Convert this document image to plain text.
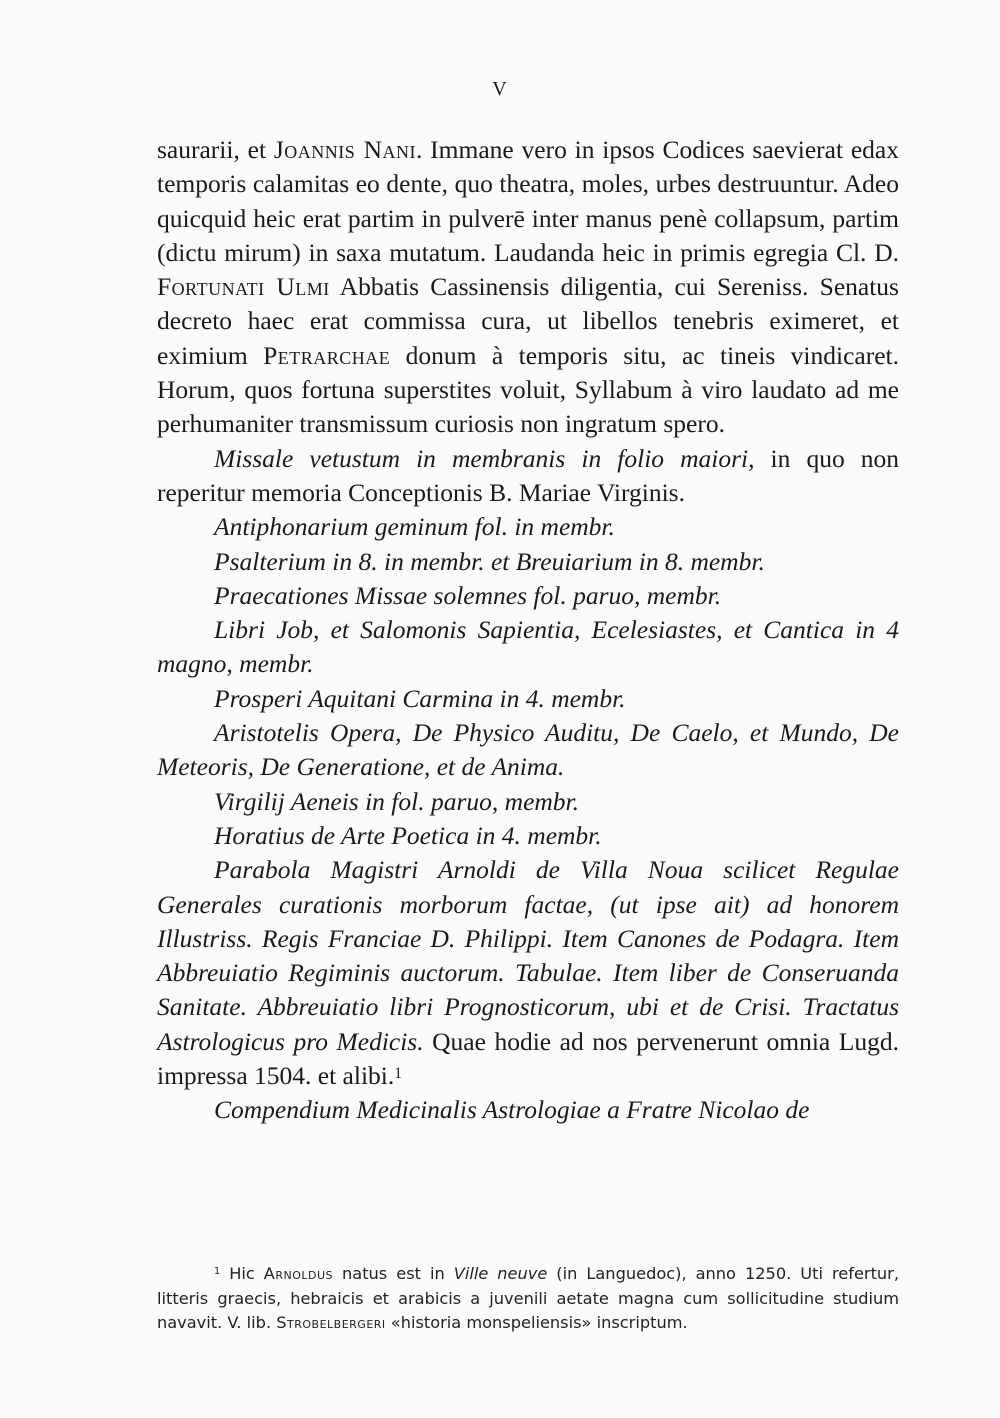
V

saurarii, et Joannis Nani. Immane vero in ipsos Codices saevierat edax temporis calamitas eo dente, quo theatra, moles, urbes destruuntur. Adeo quicquid heic erat partim in pulverē inter manus penè collapsum, partim (dictu mirum) in saxa mutatum. Laudanda heic in primis egregia Cl. D. Fortunati Ulmi Abbatis Cassinensis diligentia, cui Sereniss. Senatus decreto haec erat commissa cura, ut libellos tenebris eximeret, et eximium Petrarchae donum à temporis situ, ac tineis vindicaret. Horum, quos fortuna superstites voluit, Syllabum à viro laudato ad me perhumaniter transmissum curiosis non ingratum spero.

Missale vetustum in membranis in folio maiori, in quo non reperitur memoria Conceptionis B. Mariae Virginis.

Antiphonarium geminum fol. in membr.

Psalterium in 8. in membr. et Breuiarium in 8. membr.

Praecationes Missae solemnes fol. paruo, membr.

Libri Job, et Salomonis Sapientia, Ecelesiastes, et Cantica in 4 magno, membr.

Prosperi Aquitani Carmina in 4. membr.

Aristotelis Opera, De Physico Auditu, De Caelo, et Mundo, De Meteoris, De Generatione, et de Anima.

Virgilij Aeneis in fol. paruo, membr.

Horatius de Arte Poetica in 4. membr.

Parabola Magistri Arnoldi de Villa Noua scilicet Regulae Generales curationis morborum factae, (ut ipse ait) ad honorem Illustriss. Regis Franciae D. Philippi. Item Canones de Podagra. Item Abbreuiatio Regiminis auctorum. Tabulae. Item liber de Conseruanda Sanitate. Abbreuiatio libri Prognosticorum, ubi et de Crisi. Tractatus Astrologicus pro Medicis. Quae hodie ad nos pervenerunt omnia Lugd. impressa 1504. et alibi.$^1$

Compendium Medicinalis Astrologiae a Fratre Nicolao de

$^1$ Hic Arnoldus natus est in Ville neuve (in Languedoc), anno 1250. Uti refertur, litteris graecis, hebraicis et arabicis a juvenili aetate magna cum sollicitudine studium navavit. V. lib. Strobelbergeri «historia monspeliensis» inscriptum.
